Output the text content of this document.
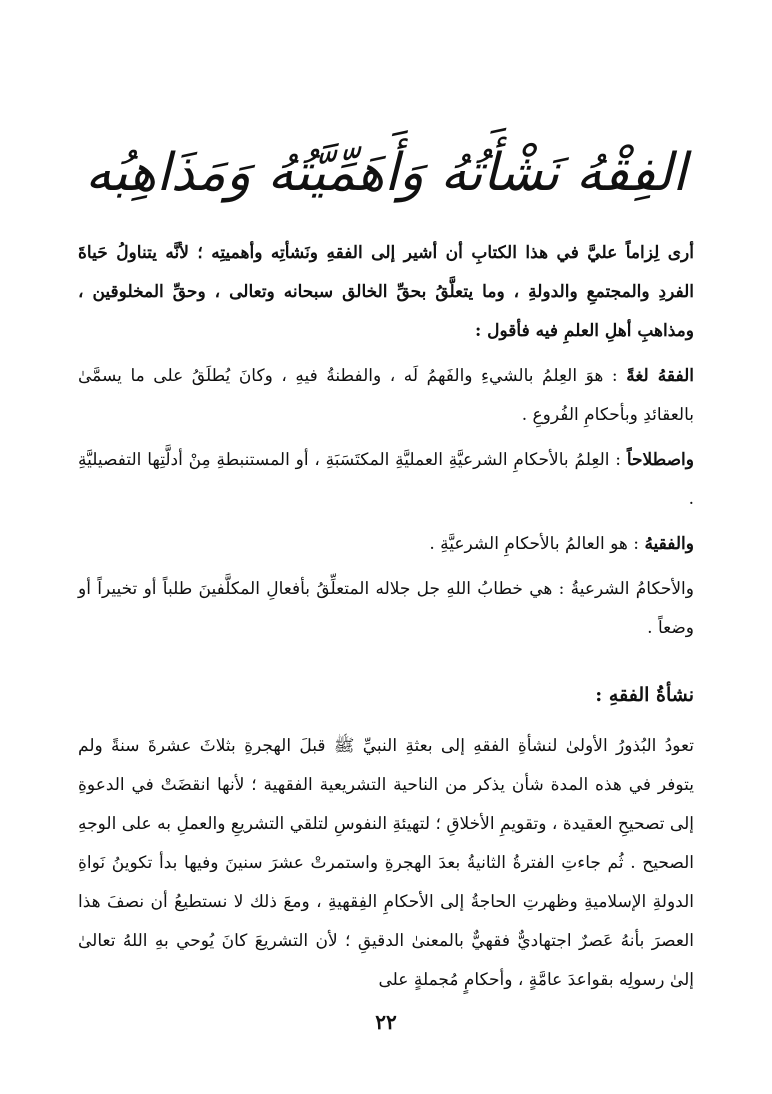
الفِقْهُ نَشْأَتُهُ وَأَهَمِّيَّتُهُ وَمَذَاهِبُه

أرى لِزاماً عليَّ في هذا الكتابِ أن أشير إلى الفقهِ ونَشأتِه وأهميتِه ؛ لأنَّه يتناولُ حَياةَ الفردِ والمجتمعِ والدولةِ ، وما يتعلَّقُ بحقِّ الخالق سبحانه وتعالى ، وحقِّ المخلوقين ، ومذاهبِ أهلِ العلمِ فيه فأقول :

الفقهُ لغةً : هوَ العِلمُ بالشيءِ والفَهمُ لَه ، والفطنةُ فيهِ ، وكانَ يُطلَقُ على ما يسمَّىٰ بالعقائدِ وبأحكامِ الفُروعِ .

واصطلاحاً : العِلمُ بالأحكامِ الشرعيَّةِ العمليَّةِ المكتَسَبَةِ ، أو المستنبطةِ مِنْ أدلَّتِها التفصيليَّةِ .

والفقيهُ : هو العالمُ بالأحكامِ الشرعيَّةِ .

والأحكامُ الشرعيةُ : هي خطابُ اللهِ جل جلاله المتعلِّقُ بأفعالِ المكلَّفينَ طلباً أو تخييراً أو وضعاً .

نشأةُ الفقهِ :

تعودُ البُذورُ الأولىٰ لنشأةِ الفقهِ إلى بعثةِ النبيِّ ﷺ قبلَ الهجرةِ بثلاثَ عشرةَ سنةً ولم يتوفر في هذه المدة شأن يذكر من الناحية التشريعية الفقهية ؛ لأنها انقضَتْ في الدعوةِ إلى تصحيحِ العقيدة ، وتقويمِ الأخلاقِ ؛ لتهيئةِ النفوسِ لتلقي التشريعِ والعملِ به على الوجهِ الصحيح . ثُم جاءتِ الفترةُ الثانيةُ بعدَ الهجرةِ واستمرتْ عشرَ سنينَ وفيها بدأ تكوينُ نَواةِ الدولةِ الإسلاميةِ وظهرتِ الحاجةُ إلى الأحكامِ الفِقهيةِ ، ومعَ ذلك لا نستطيعُ أن نصفَ هذا العصرَ بأنهُ عَصرٌ اجتهاديٌّ فقهيٌّ بالمعنىٰ الدقيقِ ؛ لأن التشريعَ كانَ يُوحي بهِ اللهُ تعالىٰ إلىٰ رسولِه بقواعدَ عامَّةٍ ، وأحكامٍ مُجملةٍ على

٢٢
